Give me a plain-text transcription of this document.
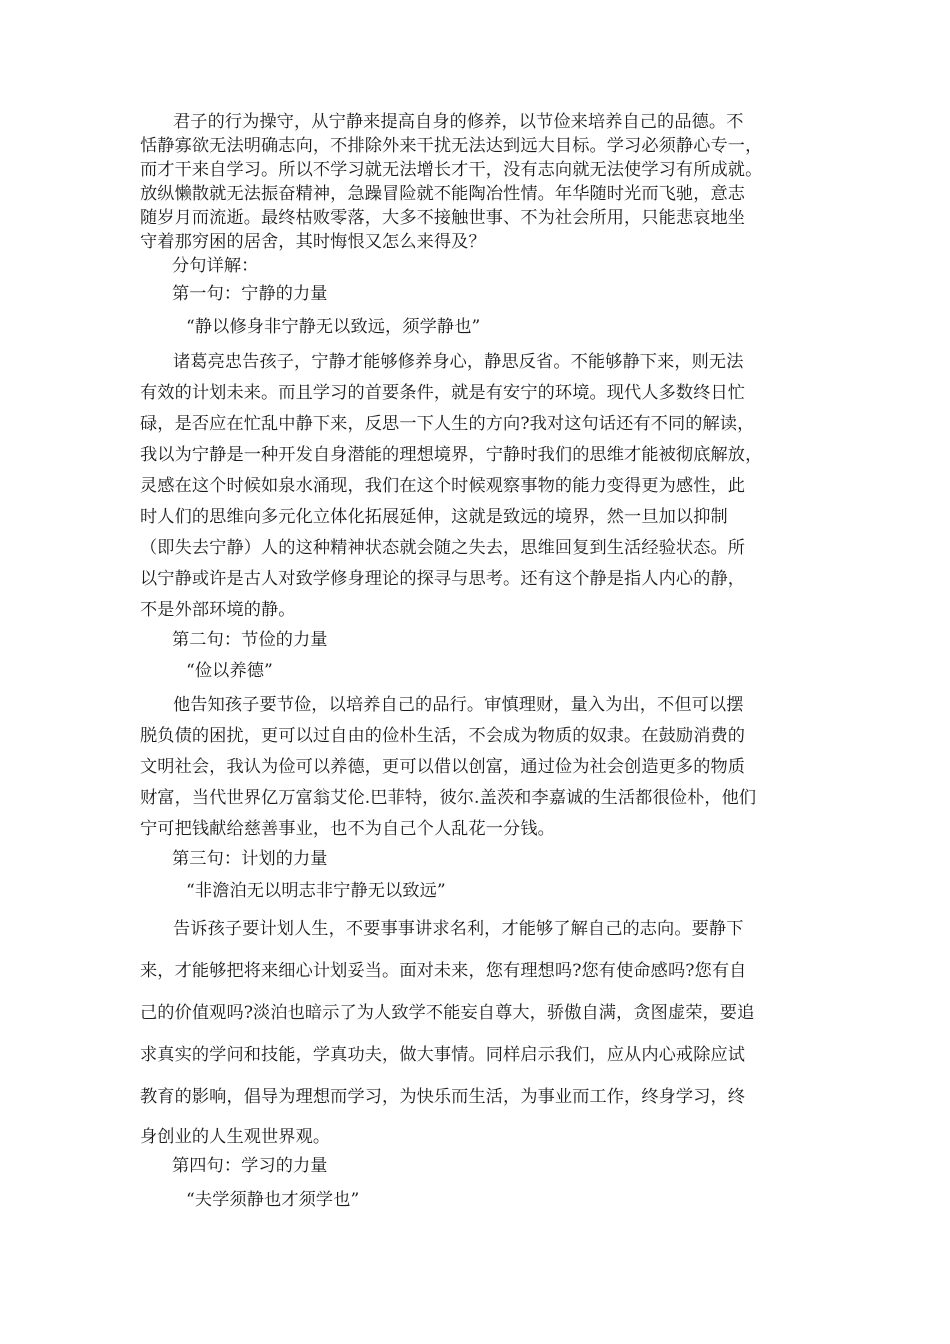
君子的行为操守，从宁静来提高自身的修养，以节俭来培养自己的品德。不

恬静寡欲无法明确志向，不排除外来干扰无法达到远大目标。学习必须静心专一，

而才干来自学习。所以不学习就无法增长才干，没有志向就无法使学习有所成就。

放纵懒散就无法振奋精神，急躁冒险就不能陶冶性情。年华随时光而飞驰，意志

随岁月而流逝。最终枯败零落，大多不接触世事、不为社会所用，只能悲哀地坐

守着那穷困的居舍，其时悔恨又怎么来得及？

分句详解：

第一句：宁静的力量

“静以修身非宁静无以致远，须学静也”

诸葛亮忠告孩子，宁静才能够修养身心，静思反省。不能够静下来，则无法

有效的计划未来。而且学习的首要条件，就是有安宁的环境。现代人多数终日忙

碌，是否应在忙乱中静下来，反思一下人生的方向?我对这句话还有不同的解读，

我以为宁静是一种开发自身潜能的理想境界，宁静时我们的思维才能被彻底解放，

灵感在这个时候如泉水涌现，我们在这个时候观察事物的能力变得更为感性，此

时人们的思维向多元化立体化拓展延伸，这就是致远的境界，然一旦加以抑制

（即失去宁静）人的这种精神状态就会随之失去，思维回复到生活经验状态。所

以宁静或许是古人对致学修身理论的探寻与思考。还有这个静是指人内心的静，

不是外部环境的静。

第二句：节俭的力量

“俭以养德”

他告知孩子要节俭，以培养自己的品行。审慎理财，量入为出，不但可以摆

脱负债的困扰，更可以过自由的俭朴生活，不会成为物质的奴隶。在鼓励消费的

文明社会，我认为俭可以养德，更可以借以创富，通过俭为社会创造更多的物质

财富，当代世界亿万富翁艾伦.巴菲特，彼尔.盖茨和李嘉诚的生活都很俭朴，他们

宁可把钱献给慈善事业，也不为自己个人乱花一分钱。

第三句：计划的力量

“非澹泊无以明志非宁静无以致远”

告诉孩子要计划人生，不要事事讲求名利，才能够了解自己的志向。要静下

来，才能够把将来细心计划妥当。面对未来，您有理想吗?您有使命感吗?您有自

己的价值观吗?淡泊也暗示了为人致学不能妄自尊大，骄傲自满，贪图虚荣，要追

求真实的学问和技能，学真功夫，做大事情。同样启示我们，应从内心戒除应试

教育的影响，倡导为理想而学习，为快乐而生活，为事业而工作，终身学习，终

身创业的人生观世界观。

第四句：学习的力量

“夫学须静也才须学也”
